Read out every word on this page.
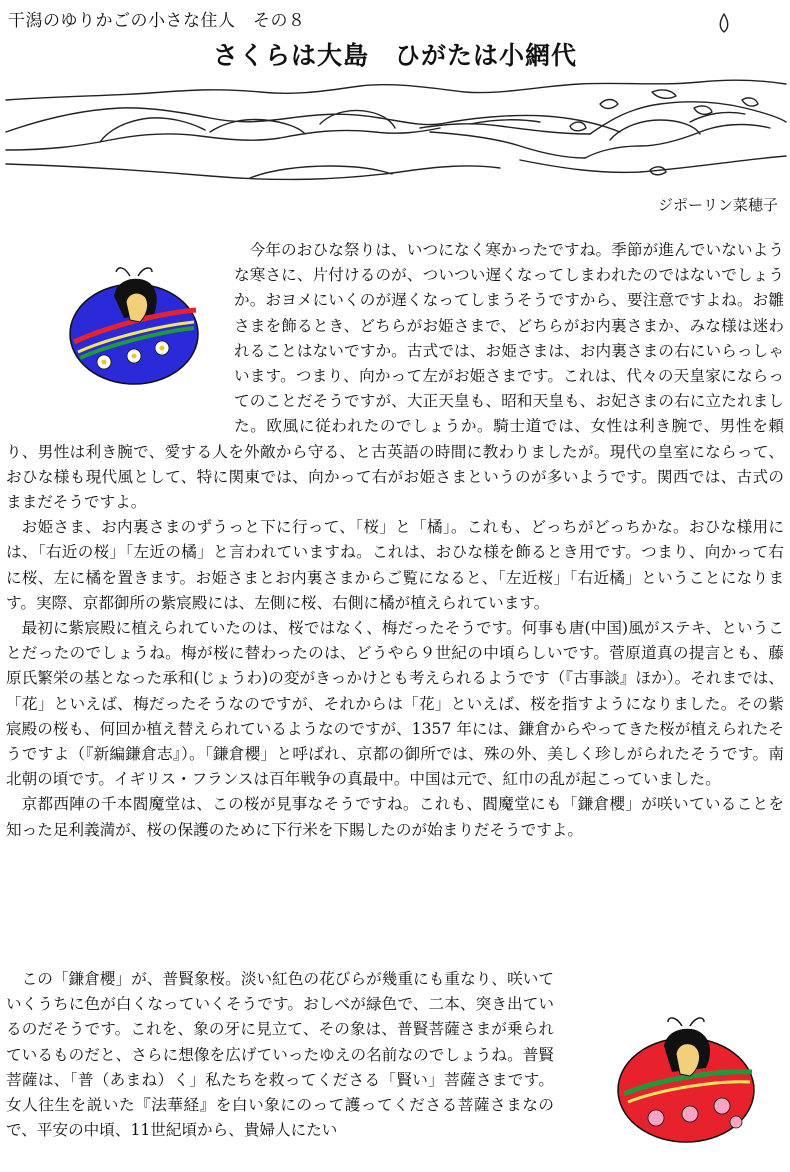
干潟のゆりかごの小さな住人　その８
さくらは大島　ひがたは小網代
ジポーリン菜穂子

今年のおひな祭りは、いつになく寒かったですね。季節が進んでいないような寒さに、片付けるのが、ついつい遅くなってしまわれたのではないでしょうか。おヨメにいくのが遅くなってしまうそうですから、要注意ですよね。お雛さまを飾るとき、どちらがお姫さまで、どちらがお内裏さまか、みな様は迷われることはないですか。古式では、お姫さまは、お内裏さまの右にいらっしゃいます。つまり、向かって左がお姫さまです。これは、代々の天皇家にならってのことだそうですが、大正天皇も、昭和天皇も、お妃さまの右に立たれました。欧風に従われたのでしょうか。騎士道では、女性は利き腕で、男性を頼り、男性は利き腕で、愛する人を外敵から守る、と古英語の時間に教わりましたが。現代の皇室にならって、おひな様も現代風として、特に関東では、向かって右がお姫さまというのが多いようです。関西では、古式のままだそうですよ。

お姫さま、お内裏さまのずうっと下に行って、「桜」と「橘」。これも、どっちがどっちかな。おひな様用には、「右近の桜」「左近の橘」と言われていますね。これは、おひな様を飾るとき用です。つまり、向かって右に桜、左に橘を置きます。お姫さまとお内裏さまからご覧になると、「左近桜」「右近橘」ということになります。実際、京都御所の紫宸殿には、左側に桜、右側に橘が植えられています。

最初に紫宸殿に植えられていたのは、桜ではなく、梅だったそうです。何事も唐(中国)風がステキ、ということだったのでしょうね。梅が桜に替わったのは、どうやら９世紀の中頃らしいです。菅原道真の提言とも、藤原氏繁栄の基となった承和(じょうわ)の変がきっかけとも考えられるようです（『古事談』ほか）。それまでは、「花」といえば、梅だったそうなのですが、それからは「花」といえば、桜を指すようになりました。その紫宸殿の桜も、何回か植え替えられているようなのですが、1357 年には、鎌倉からやってきた桜が植えられたそうですよ（『新編鎌倉志』）。「鎌倉櫻」と呼ばれ、京都の御所では、殊の外、美しく珍しがられたそうです。南北朝の頃です。イギリス・フランスは百年戦争の真最中。中国は元で、紅巾の乱が起こっていました。

京都西陣の千本閻魔堂は、この桜が見事なそうですね。これも、閻魔堂にも「鎌倉櫻」が咲いていることを知った足利義満が、桜の保護のために下行米を下賜したのが始まりだそうですよ。

この「鎌倉櫻」が、普賢象桜。淡い紅色の花びらが幾重にも重なり、咲いていくうちに色が白くなっていくそうです。おしべが緑色で、二本、突き出ているのだそうです。これを、象の牙に見立て、その象は、普賢菩薩さまが乗られているものだと、さらに想像を広げていったゆえの名前なのでしょうね。普賢菩薩は、「普（あまね）く」私たちを救ってくださる「賢い」菩薩さまです。女人往生を説いた『法華経』を白い象にのって護ってくださる菩薩さまなので、平安の中頃、11世紀頃から、貴婦人にたい
